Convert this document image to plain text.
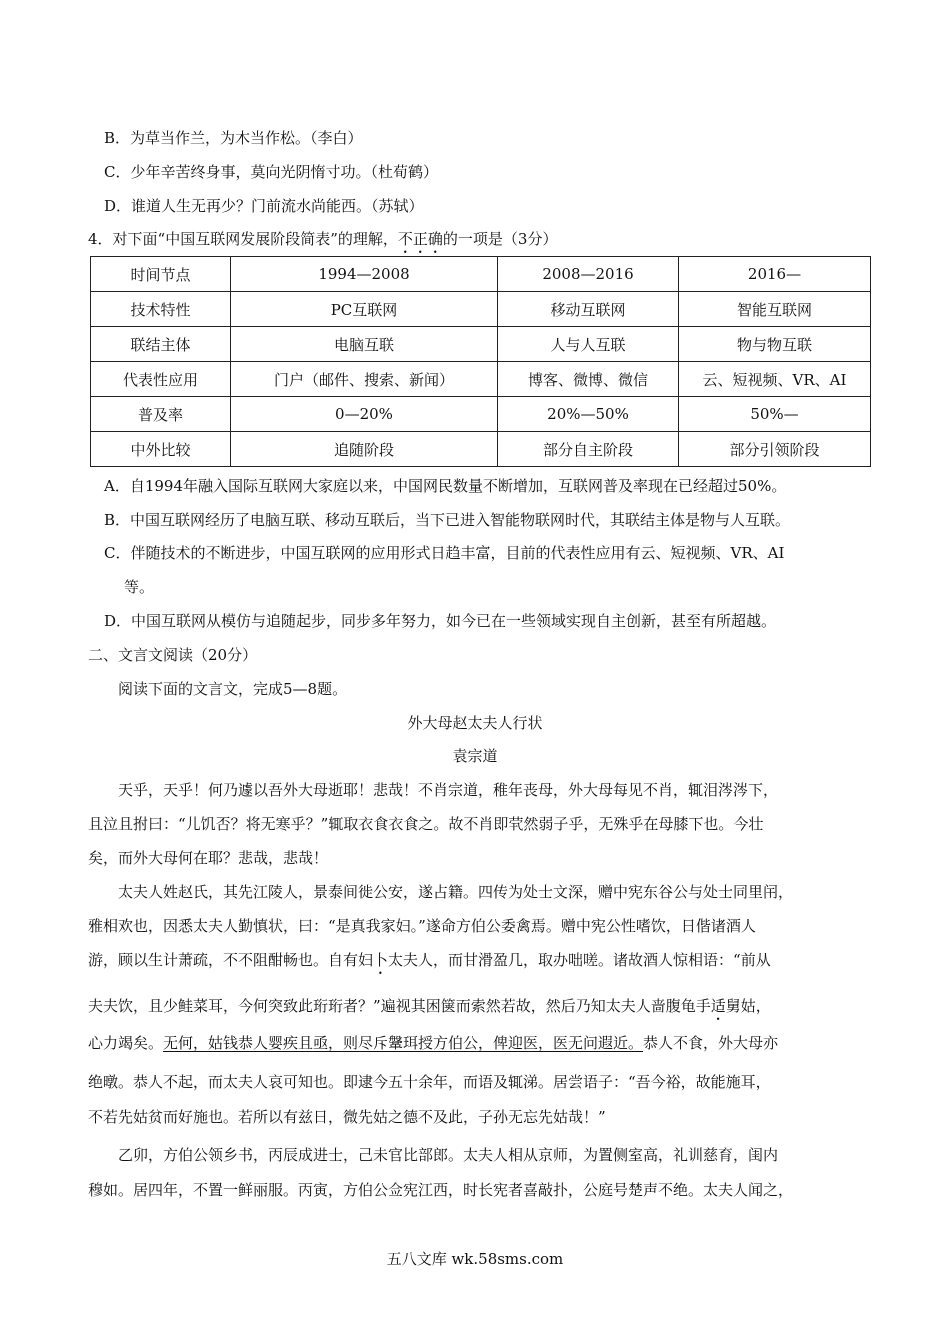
B．为草当作兰，为木当作松。（李白）
C．少年辛苦终身事，莫向光阴惰寸功。（杜荀鹤）
D．谁道人生无再少？门前流水尚能西。（苏轼）
4．对下面“中国互联网发展阶段简表”的理解，不正确的一项是（3分）
时间节点	1994—2008	2008—2016	2016—
技术特性	PC互联网	移动互联网	智能互联网
联结主体	电脑互联	人与人互联	物与物互联
代表性应用	门户（邮件、搜索、新闻）	博客、微博、微信	云、短视频、VR、AI
普及率	0—20%	20%—50%	50%—
中外比较	追随阶段	部分自主阶段	部分引领阶段
A．自1994年融入国际互联网大家庭以来，中国网民数量不断增加，互联网普及率现在已经超过50%。
B．中国互联网经历了电脑互联、移动互联后，当下已进入智能物联网时代，其联结主体是物与人互联。
C．伴随技术的不断进步，中国互联网的应用形式日趋丰富，目前的代表性应用有云、短视频、VR、AI
等。
D．中国互联网从模仿与追随起步，同步多年努力，如今已在一些领域实现自主创新，甚至有所超越。
二、文言文阅读（20分）
阅读下面的文言文，完成5—8题。
外大母赵太夫人行状
袁宗道
天乎，天乎！何乃遽以吾外大母逝耶！悲哉！不肖宗道，稚年丧母，外大母每见不肖，辄泪涔涔下，
且泣且拊曰：“儿饥否？将无寒乎？”辄取衣食衣食之。故不肖即茕然弱子乎，无殊乎在母膝下也。今壮
矣，而外大母何在耶？悲哉，悲哉！
太夫人姓赵氏，其先江陵人，景泰间徙公安，遂占籍。四传为处士文深，赠中宪东谷公与处士同里闬，
雅相欢也，因悉太夫人勤慎状，曰：“是真我家妇。”遂命方伯公委禽焉。赠中宪公性嗜饮，日偕诸酒人
游，顾以生计萧疏，不不阻酣畅也。自有妇卜太夫人，而甘滑盈几，取办咄嗟。诸故酒人惊相语：“前从
夫夫饮，且少鲑菜耳，今何突致此珩珩者？”遍视其困箧而索然若故，然后乃知太夫人啬腹龟手适舅姑，
心力竭矣。无何，姑钱恭人婴疾且亟，则尽斥鞶珥授方伯公，俾迎医，医无问遐近。恭人不食，外大母亦
绝暾。恭人不起，而太夫人哀可知也。即逮今五十余年，而语及辄涕。居尝语子：“吾今裕，故能施耳，
不若先姑贫而好施也。若所以有兹日，微先姑之德不及此，子孙无忘先姑哉！”
乙卯，方伯公领乡书，丙辰成进士，己未官比部郎。太夫人相从京师，为置侧室高，礼训慈育，闺内
穆如。居四年，不置一鲜丽服。丙寅，方伯公佥宪江西，时长宪者喜敲扑，公庭号楚声不绝。太夫人闻之，
五八文库 wk.58sms.com
